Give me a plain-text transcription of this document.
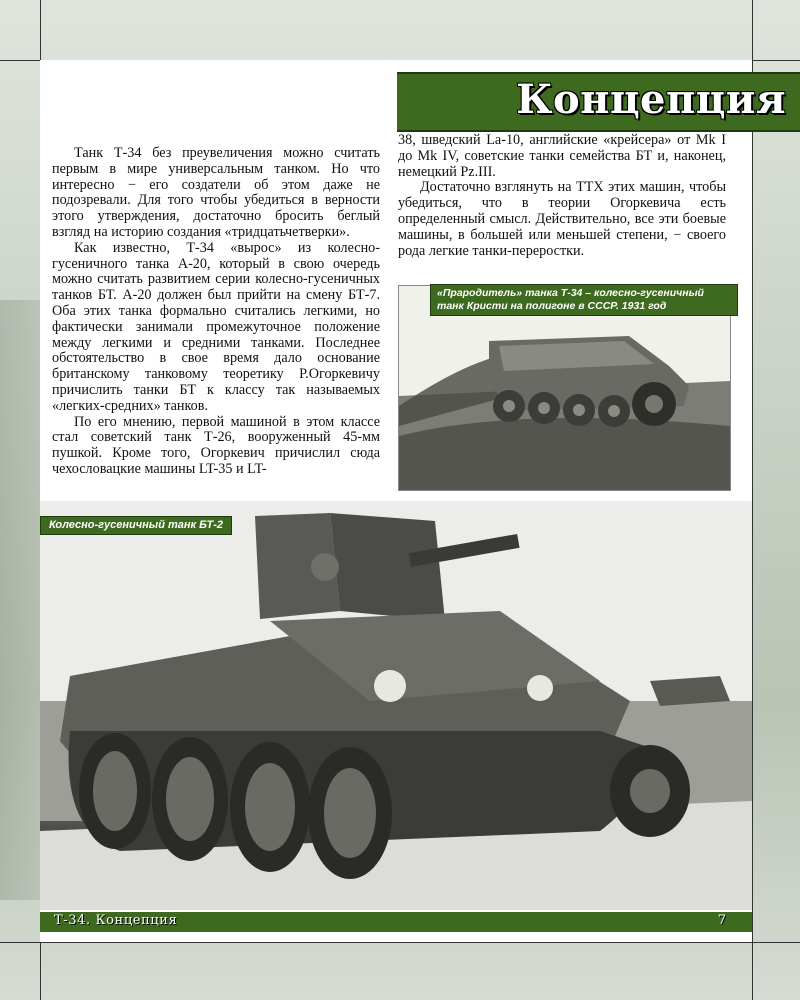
Концепция

Танк Т-34 без преувеличения можно считать первым в мире универсальным танком. Но что интересно − его создатели об этом даже не подозревали. Для того чтобы убедиться в верности этого утверждения, достаточно бросить беглый взгляд на историю создания «тридцатьчетверки».

Как известно, Т-34 «вырос» из колесно-гусеничного танка А-20, который в свою очередь можно считать развитием серии колесно-гусеничных танков БТ. А-20 должен был прийти на смену БТ-7. Оба этих танка формально считались легкими, но фактически занимали промежуточное положение между легкими и средними танками. Последнее обстоятельство в свое время дало основание британскому танковому теоретику Р.Огоркевичу причислить танки БТ к классу так называемых «легких-средних» танков.

По его мнению, первой машиной в этом классе стал советский танк Т-26, вооруженный 45-мм пушкой. Кроме того, Огоркевич причислил сюда чехословацкие машины LT-35 и LT-

38, шведский La-10, английские «крейсера» от Mk I до Mk IV, советские танки семейства БТ и, наконец, немецкий Pz.III.

Достаточно взглянуть на ТТХ этих машин, чтобы убедиться, что в теории Огоркевича есть определенный смысл. Действительно, все эти боевые машины, в большей или меньшей степени, − своего рода легкие танки-переростки.

«Прародитель» танка Т-34 – колесно-гусеничный танк Кристи на полигоне в СССР. 1931 год
Колесно-гусеничный танк БТ-2
Т-34. Концепция	7
